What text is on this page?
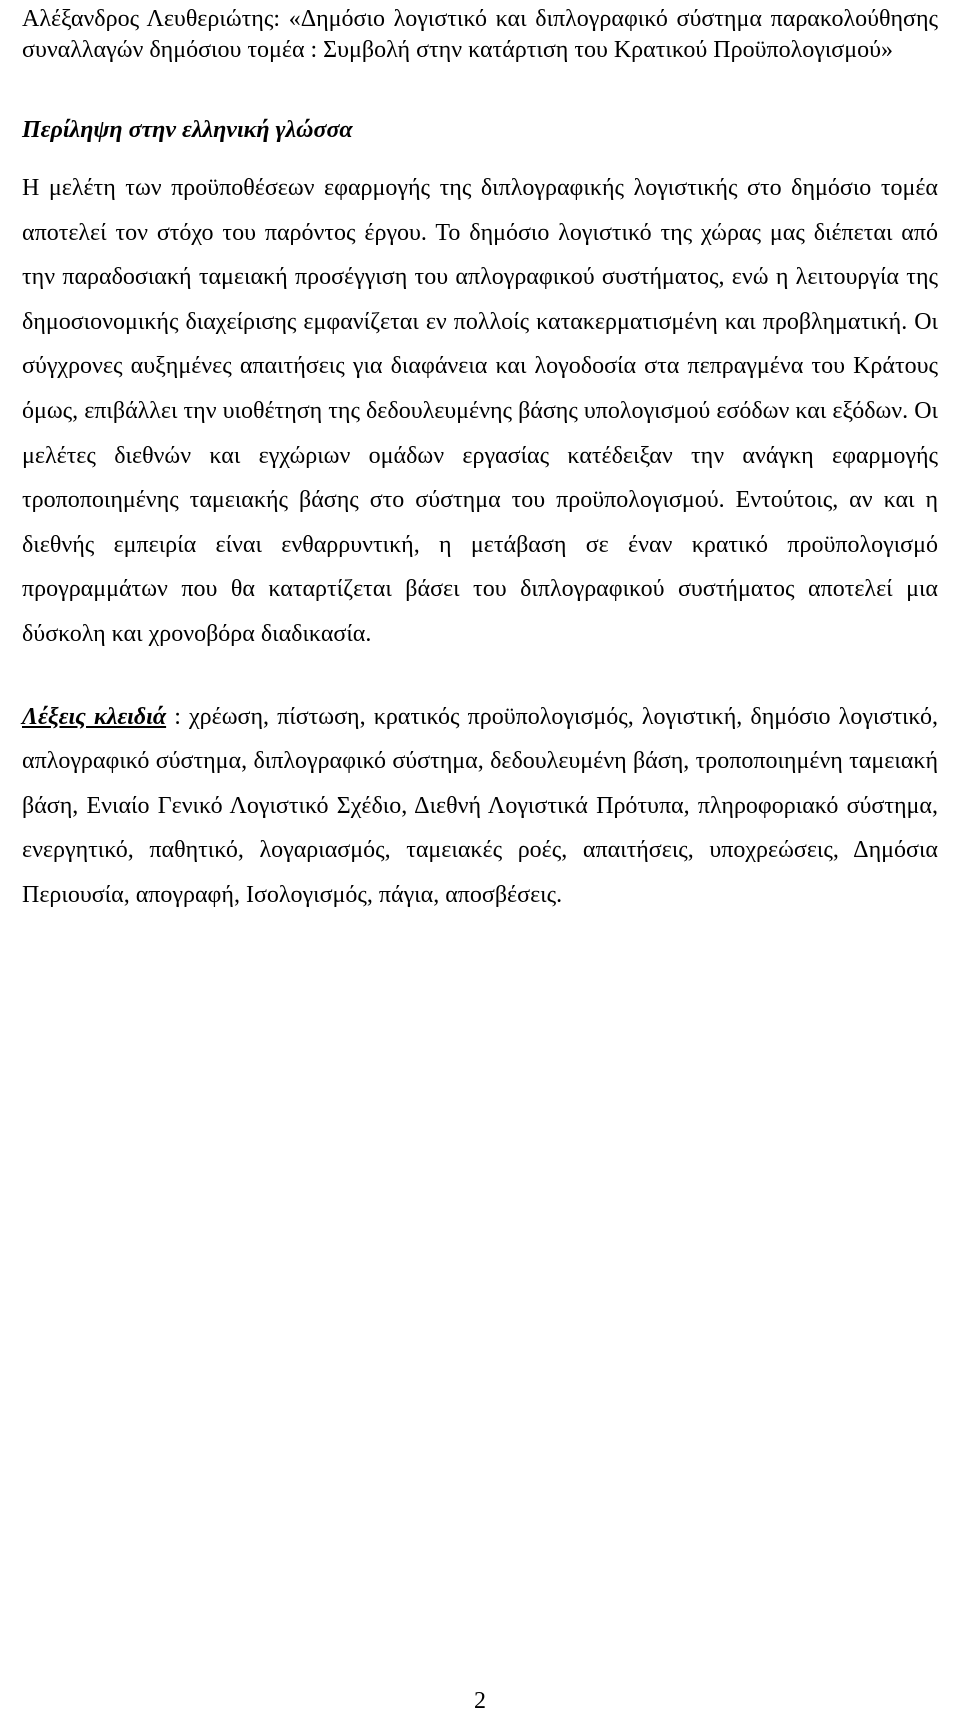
Αλέξανδρος Λευθεριώτης: «Δημόσιο λογιστικό και διπλογραφικό σύστημα παρακολούθησης συναλλαγών δημόσιου τομέα : Συμβολή στην κατάρτιση του Κρατικού Προϋπολογισμού»
Περίληψη στην ελληνική γλώσσα
Η μελέτη των προϋποθέσεων εφαρμογής της διπλογραφικής λογιστικής στο δημόσιο τομέα αποτελεί τον στόχο του παρόντος έργου. Το δημόσιο λογιστικό της χώρας μας διέπεται από την παραδοσιακή ταμειακή προσέγγιση του απλογραφικού συστήματος, ενώ η λειτουργία της δημοσιονομικής διαχείρισης εμφανίζεται εν πολλοίς κατακερματισμένη και προβληματική. Οι σύγχρονες αυξημένες απαιτήσεις για διαφάνεια και λογοδοσία στα πεπραγμένα του Κράτους όμως, επιβάλλει την υιοθέτηση της δεδουλευμένης βάσης υπολογισμού εσόδων και εξόδων. Οι μελέτες διεθνών και εγχώριων ομάδων εργασίας κατέδειξαν την ανάγκη εφαρμογής τροποποιημένης ταμειακής βάσης στο σύστημα του προϋπολογισμού. Εντούτοις, αν και η διεθνής εμπειρία είναι ενθαρρυντική, η μετάβαση σε έναν κρατικό προϋπολογισμό προγραμμάτων που θα καταρτίζεται βάσει του διπλογραφικού συστήματος αποτελεί μια δύσκολη και χρονοβόρα διαδικασία.
Λέξεις κλειδιά : χρέωση, πίστωση, κρατικός προϋπολογισμός, λογιστική, δημόσιο λογιστικό, απλογραφικό σύστημα, διπλογραφικό σύστημα, δεδουλευμένη βάση, τροποποιημένη ταμειακή βάση, Ενιαίο Γενικό Λογιστικό Σχέδιο, Διεθνή Λογιστικά Πρότυπα, πληροφοριακό σύστημα, ενεργητικό, παθητικό, λογαριασμός, ταμειακές ροές, απαιτήσεις, υποχρεώσεις, Δημόσια Περιουσία, απογραφή, Ισολογισμός, πάγια, αποσβέσεις.
2
